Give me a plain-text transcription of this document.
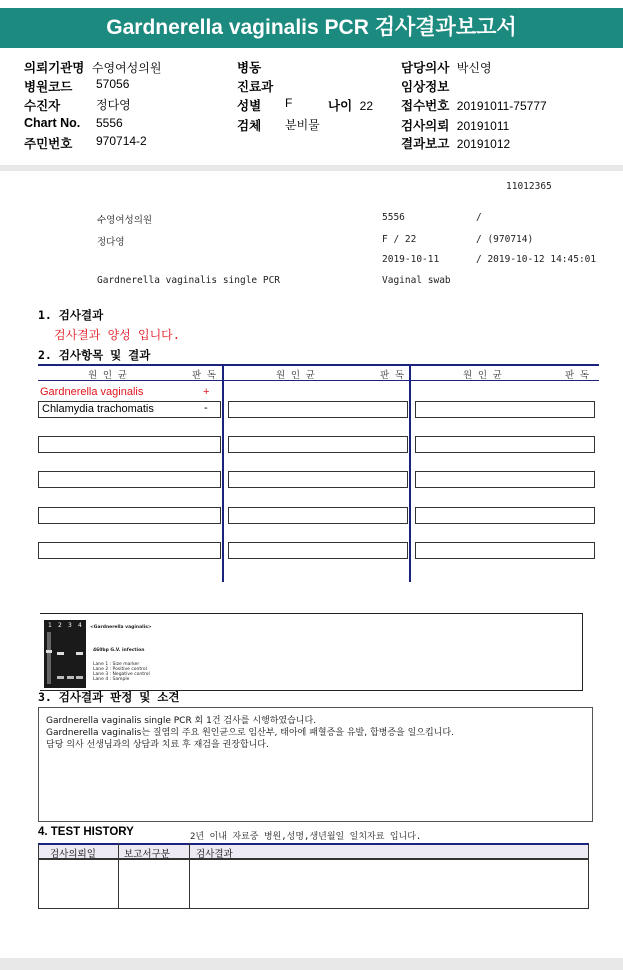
Gardnerella vaginalis PCR 검사결과보고서
의뢰기관명 수영여성의원
병원코드 57056
수진자	정다영
Chart No. 5556
주민번호 970714-2
병동
진료과
성별 F	나이 22
검체 분비물
담당의사 박신영
임상정보
접수번호 20191011-75777
검사의뢰 20191011
결과보고 20191012
11012365
수영여성의원	5556	/
정다영	F / 22	/ (970714)
2019-10-11	/ 2019-10-12 14:45:01
Gardnerella vaginalis single PCR	Vaginal swab
1. 검사결과
검사결과 양성 입니다.
2. 검사항목 및 결과
원 인 균	판 독	원 인 균	판 독	원 인 균	판 독
Gardnerella vaginalis	+
Chlamydia trachomatis	-
1 2 3 4 <Gardnerella vaginalis>
460bp G.V. infection
Lane 1 : Size marker
Lane 2 : Positive control
Lane 3 : Negative control
Lane 4 : Sample
3. 검사결과 판정 및 소견
Gardnerella vaginalis single PCR 회 1건 검사를 시행하였습니다.
Gardnerella vaginalis는 질염의 주요 원인균으로 임산부, 태아에 패혈증을 유발, 합병증을 일으킵니다.
담당 의사 선생님과의 상담과 치료 후 재검을 권장합니다.
4. TEST HISTORY	2년 이내 자료중 병원,성명,생년월일 일치자료 입니다.
검사의뢰일	보고서구분	검사결과
